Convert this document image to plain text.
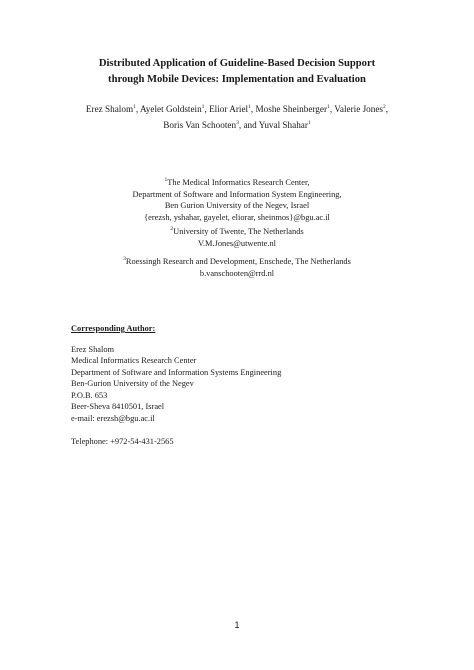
Distributed Application of Guideline-Based Decision Support
through Mobile Devices: Implementation and Evaluation
Erez Shalom$^1$, Ayelet Goldstein$^1$, Elior Ariel$^1$, Moshe Sheinberger$^1$, Valerie Jones$^2$,
Boris Van Schooten$^3$, and Yuval Shahar$^1$
$^1$The Medical Informatics Research Center,
Department of Software and Information System Engineering,
Ben Gurion University of the Negev, Israel
{erezsh, yshahar, gayelet, eliorar, sheinmos}@bgu.ac.il
$^2$University of Twente, The Netherlands
V.M.Jones@utwente.nl
$^3$Roessingh Research and Development, Enschede, The Netherlands
b.vanschooten@rrd.nl
Corresponding Author:
Erez Shalom
Medical Informatics Research Center
Department of Software and Information Systems Engineering
Ben-Gurion University of the Negev
P.O.B. 653
Beer-Sheva 8410501, Israel
e-mail: erezsh@bgu.ac.il
Telephone: +972-54-431-2565
1
